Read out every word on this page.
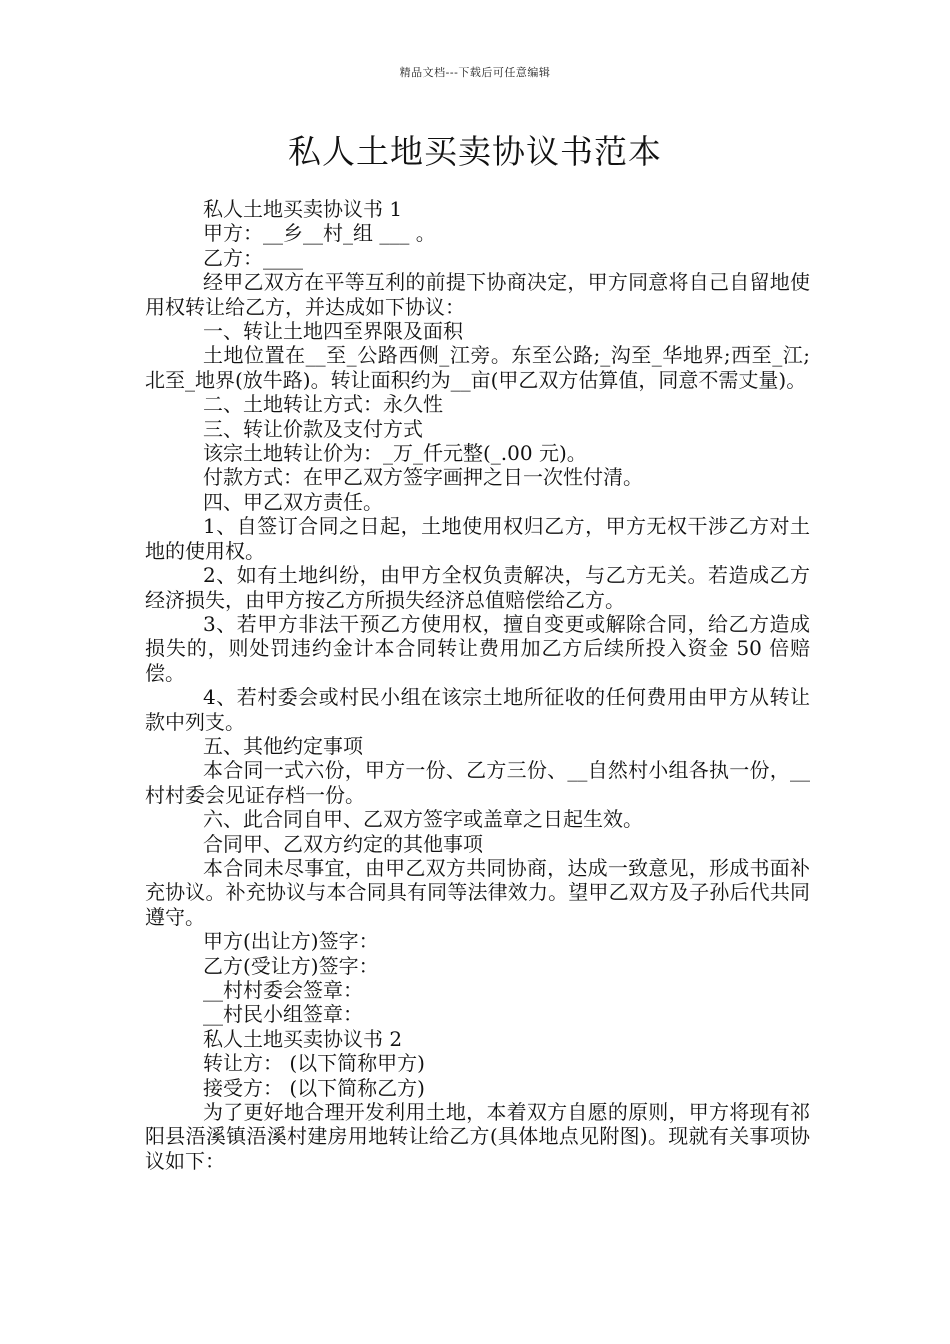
精品文档---下载后可任意编辑
私人土地买卖协议书范本

私人土地买卖协议书 1

甲方：__乡__村_组 ___ 。

乙方：____

经甲乙双方在平等互利的前提下协商决定，甲方同意将自己自留地使用权转让给乙方，并达成如下协议：

一、转让土地四至界限及面积

土地位置在__至_公路西侧_江旁。东至公路;_沟至_华地界;西至_江;北至_地界(放牛路)。转让面积约为__亩(甲乙双方估算值，同意不需丈量)。

二、土地转让方式：永久性

三、转让价款及支付方式

该宗土地转让价为：_万_仟元整(_.00 元)。

付款方式：在甲乙双方签字画押之日一次性付清。

四、甲乙双方责任。

1、自签订合同之日起，土地使用权归乙方，甲方无权干涉乙方对土地的使用权。

2、如有土地纠纷，由甲方全权负责解决，与乙方无关。若造成乙方经济损失，由甲方按乙方所损失经济总值赔偿给乙方。

3、若甲方非法干预乙方使用权，擅自变更或解除合同，给乙方造成损失的，则处罚违约金计本合同转让费用加乙方后续所投入资金 50 倍赔偿。

4、若村委会或村民小组在该宗土地所征收的任何费用由甲方从转让款中列支。

五、其他约定事项

本合同一式六份，甲方一份、乙方三份、__自然村小组各执一份，__村村委会见证存档一份。

六、此合同自甲、乙双方签字或盖章之日起生效。

合同甲、乙双方约定的其他事项

本合同未尽事宜，由甲乙双方共同协商，达成一致意见，形成书面补充协议。补充协议与本合同具有同等法律效力。望甲乙双方及子孙后代共同遵守。

甲方(出让方)签字：

乙方(受让方)签字：

__村村委会签章：

__村民小组签章：

私人土地买卖协议书 2

转让方： (以下简称甲方)

接受方： (以下简称乙方)

为了更好地合理开发利用土地，本着双方自愿的原则，甲方将现有祁阳县浯溪镇浯溪村建房用地转让给乙方(具体地点见附图)。现就有关事项协议如下：
